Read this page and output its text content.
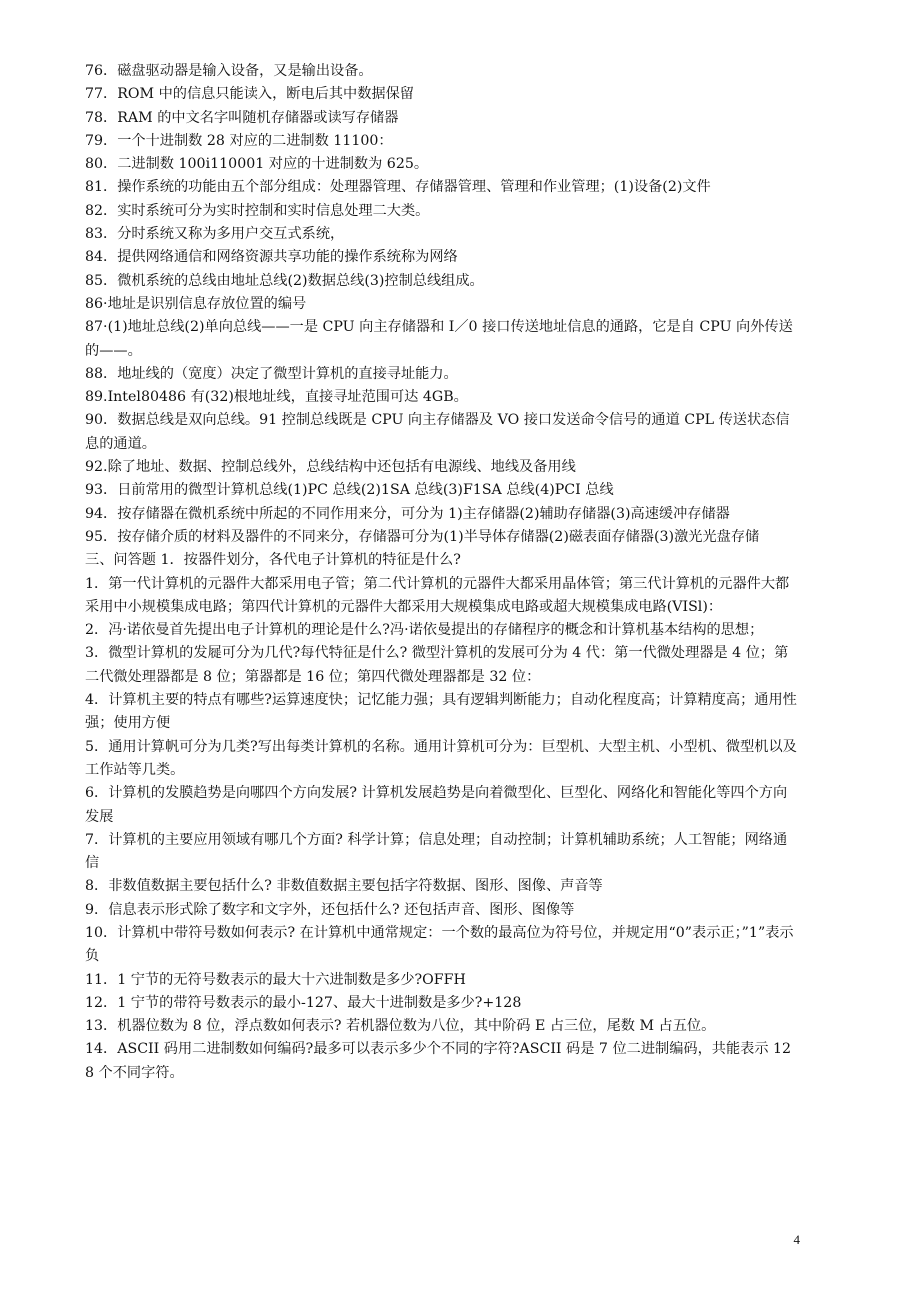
76．磁盘驱动器是输入设备，又是输出设备。

77．ROM 中的信息只能读入，断电后其中数据保留

78．RAM 的中文名字叫随机存储器或读写存储器

79．一个十进制数 28 对应的二进制数 11100：

80．二进制数 100i110001 对应的十进制数为 625。

81．操作系统的功能由五个部分组成：处理器管理、存储器管理、管理和作业管理；(1)设备(2)文件

82．实时系统可分为实时控制和实时信息处理二大类。

83．分时系统又称为多用户交互式系统，

84．提供网络通信和网络资源共享功能的操作系统称为网络

85．微机系统的总线由地址总线(2)数据总线(3)控制总线组成。

86·地址是识别信息存放位置的编号

87·(1)地址总线(2)单向总线——一是 CPU 向主存储器和 I／0 接口传送地址信息的通路，它是自 CPU 向外传送的——。

88．地址线的（宽度）决定了微型计算机的直接寻址能力。

89.Intel80486 有(32)根地址线，直接寻址范围可达 4GB。

90．数据总线是双向总线。91 控制总线既是 CPU 向主存储器及 VO 接口发送命令信号的通道 CPL 传送状态信息的通道。

92.除了地址、数据、控制总线外，总线结构中还包括有电源线、地线及备用线

93．日前常用的微型计算机总线(1)PC 总线(2)1SA 总线(3)F1SA 总线(4)PCI 总线

94．按存储器在微机系统中所起的不同作用来分，可分为 1)主存储器(2)辅助存储器(3)高速缓冲存储器

95．按存储介质的材料及器件的不同来分，存储器可分为(1)半导体存储器(2)磁表面存储器(3)激光光盘存储

三、问答题 1．按器件划分，各代电子计算机的特征是什么?

1．第一代计算机的元器件大都采用电子管；第二代计算机的元器件大都采用晶体管；第三代计算机的元器件大都采用中小规模集成电路；第四代计算机的元器件大都采用大规模集成电路或超大规模集成电路(VISl)：

2．冯·诺依曼首先提出电子计算机的理论是什么?冯·诺依曼提出的存储程序的概念和计算机基本结构的思想；

3．微型计算机的发屣可分为几代?每代特征是什么? 微型汁算机的发展可分为 4 代：第一代微处理器是 4 位；第二代微处理器都是 8 位；第器都是 16 位；第四代微处理器都是 32 位：

4．计算机主要的特点有哪些?运算速度快；记忆能力强；具有逻辑判断能力；自动化程度高；计算精度高；通用性强；使用方便

5．通用计算帆可分为几类?写出每类计算机的名称。通用计算机可分为：巨型机、大型主机、小型机、微型机以及工作站等几类。

6．计算机的发膜趋势是向哪四个方向发展? 计算机发展趋势是向着微型化、巨型化、网络化和智能化等四个方向发展

7．计算机的主要应用领域有哪几个方面? 科学计算；信息处理；自动控制；计算机辅助系统；人工智能；网络通信

8．非数值数据主要包括什么? 非数值数据主要包括字符数据、图形、图像、声音等

9．信息表示形式除了数字和文字外，还包括什么? 还包括声音、图形、图像等

10．计算机中带符号数如何表示? 在计算机中通常规定：一个数的最高位为符号位，并规定用“0”表示正；”1”表示负

11．1 宁节的无符号数表示的最大十六进制数是多少?OFFH

12．1 宁节的带符号数表示的最小-127、最大十进制数是多少?+128

13．机器位数为 8 位，浮点数如何表示? 若机器位数为八位，其中阶码 E 占三位，尾数 M 占五位。

14．ASCII 码用二进制数如何编码?最多可以表示多少个不同的字符?ASCII 码是 7 位二进制编码，共能表示 128 个不同字符。

4
